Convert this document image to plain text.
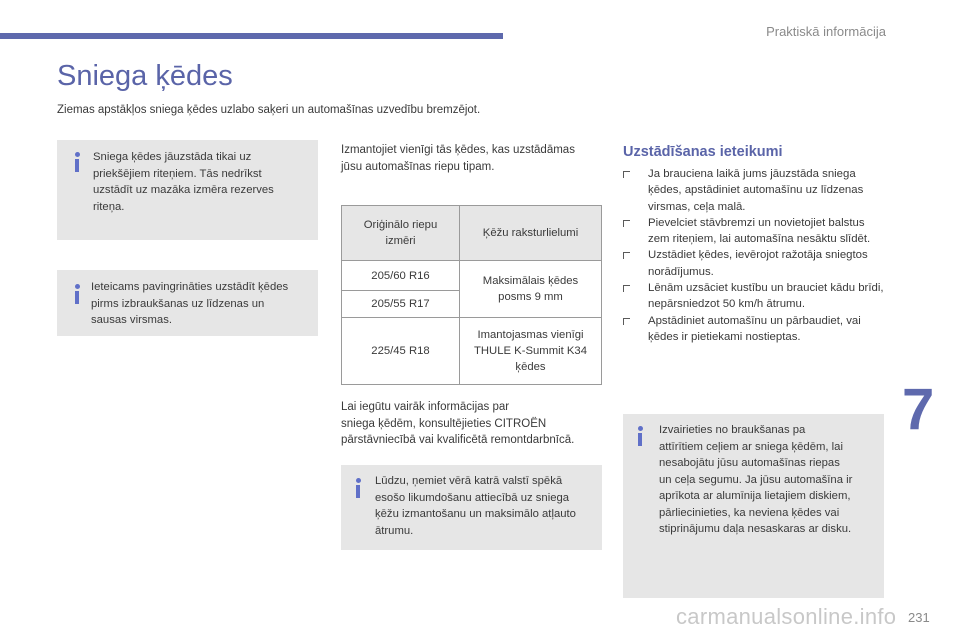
Praktiskā informācija
Sniega ķēdes
Ziemas apstākļos sniega ķēdes uzlabo saķeri un automašīnas uzvedību bremzējot.
Sniega ķēdes jāuzstāda tikai uz
priekšējiem riteņiem. Tās nedrīkst
uzstādīt uz mazāka izmēra rezerves
riteņa.
Ieteicams pavingrināties uzstādīt ķēdes
pirms izbraukšanas uz līdzenas un
sausas virsmas.
Izmantojiet vienīgi tās ķēdes, kas uzstādāmas
jūsu automašīnas riepu tipam.
Oriģinālo riepu izmēri	Ķēžu raksturlielumi
205/60 R16	Maksimālais ķēdes posms 9 mm
205/55 R17	
225/45 R18	Imantojasmas vienīgi THULE K-Summit K34 ķēdes
Lai iegūtu vairāk informācijas par
sniega ķēdēm, konsultējieties CITROËN
pārstāvniecībā vai kvalificētā remontdarbnīcā.
Lūdzu, ņemiet vērā katrā valstī spēkā
esošo likumdošanu attiecībā uz sniega
ķēžu izmantošanu un maksimālo atļauto
ātrumu.
Uzstādīšanas ieteikumi
Ja brauciena laikā jums jāuzstāda sniega ķēdes, apstādiniet automašīnu uz līdzenas virsmas, ceļa malā.
Pievelciet stāvbremzi un novietojiet balstus zem riteņiem, lai automašīna nesāktu slīdēt.
Uzstādiet ķēdes, ievērojot ražotāja sniegtos norādījumus.
Lēnām uzsāciet kustību un brauciet kādu brīdi, nepārsniedzot 50 km/h ātrumu.
Apstādiniet automašīnu un pārbaudiet, vai ķēdes ir pietiekami nostieptas.
Izvairieties no braukšanas pa
attīrītiem ceļiem ar sniega ķēdēm, lai
nesabojātu jūsu automašīnas riepas
un ceļa segumu. Ja jūsu automašīna ir
aprīkota ar alumīnija lietajiem diskiem,
pārliecinieties, ka neviena ķēdes vai
stiprinājumu daļa nesaskaras ar disku.
7
carmanualsonline.info 231
